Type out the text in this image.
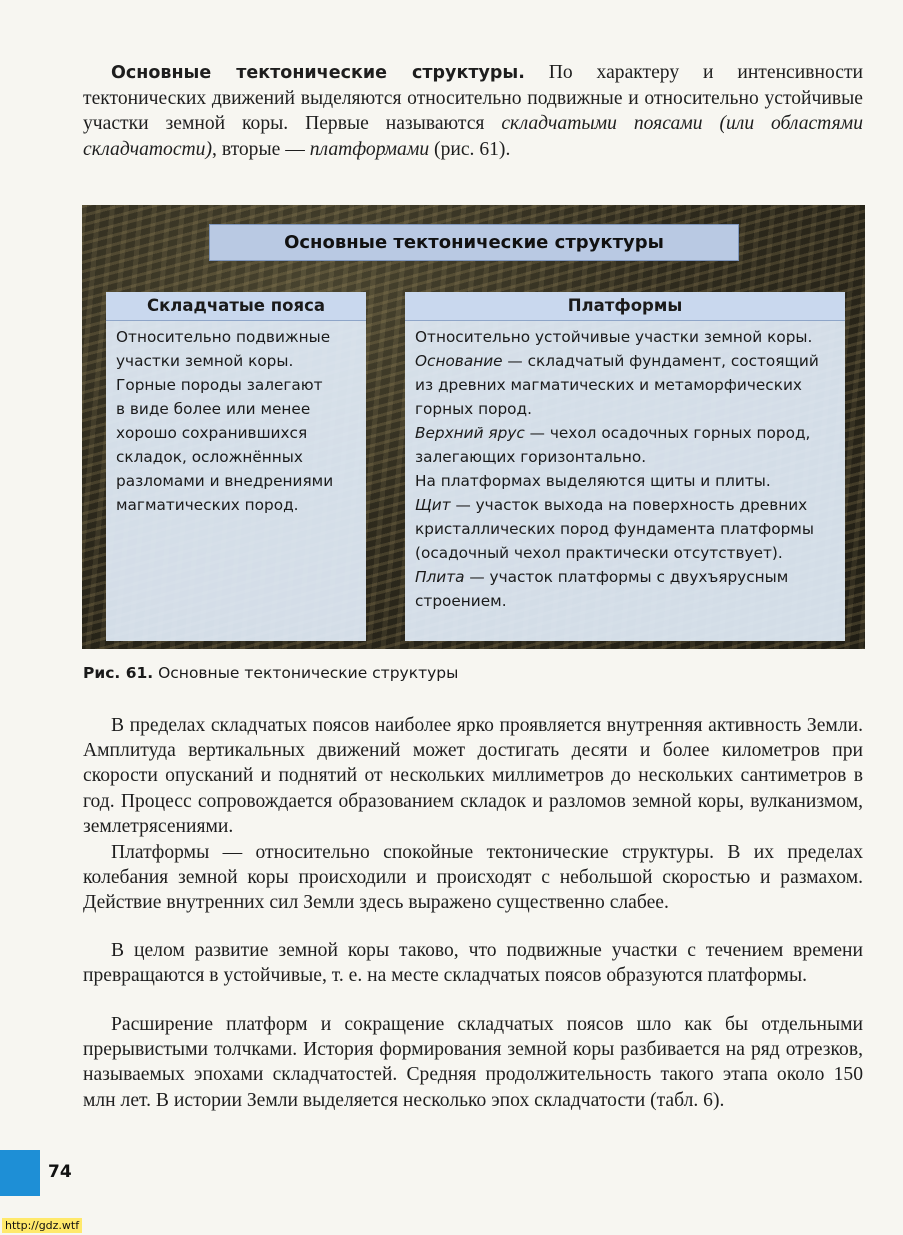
Основные тектонические структуры. По характеру и интенсивности тектонических движений выделяются относительно подвижные и относительно устойчивые участки земной коры. Первые называются складчатыми поясами (или областями складчатости), вторые — платформами (рис. 61).

Основные тектонические структуры
Складчатые пояса

Относительно подвижные

участки земной коры.

Горные породы залегают

в виде более или менее

хорошо сохранившихся

складок, осложнённых

разломами и внедрениями

магматических пород.

Платформы

Относительно устойчивые участки земной коры.

Основание — складчатый фундамент, состоящий из древних магматических и метаморфических горных пород.

Верхний ярус — чехол осадочных горных пород, залегающих горизонтально.

На платформах выделяются щиты и плиты.

Щит — участок выхода на поверхность древних кристаллических пород фундамента платформы (осадочный чехол практически отсутствует).

Плита — участок платформы с двухъярусным строением.

Рис. 61. Основные тектонические структуры

В пределах складчатых поясов наиболее ярко проявляется внутренняя активность Земли. Амплитуда вертикальных движений может достигать десяти и более километров при скорости опусканий и поднятий от нескольких миллиметров до нескольких сантиметров в год. Процесс сопровождается образованием складок и разломов земной коры, вулканизмом, землетрясениями.

Платформы — относительно спокойные тектонические структуры. В их пределах колебания земной коры происходили и происходят с небольшой скоростью и размахом. Действие внутренних сил Земли здесь выражено существенно слабее.

В целом развитие земной коры таково, что подвижные участки с течением времени превращаются в устойчивые, т. е. на месте складчатых поясов образуются платформы.

Расширение платформ и сокращение складчатых поясов шло как бы отдельными прерывистыми толчками. История формирования земной коры разбивается на ряд отрезков, называемых эпохами складчатостей. Средняя продолжительность такого этапа около 150 млн лет. В истории Земли выделяется несколько эпох складчатости (табл. 6).

74
http://gdz.wtf
